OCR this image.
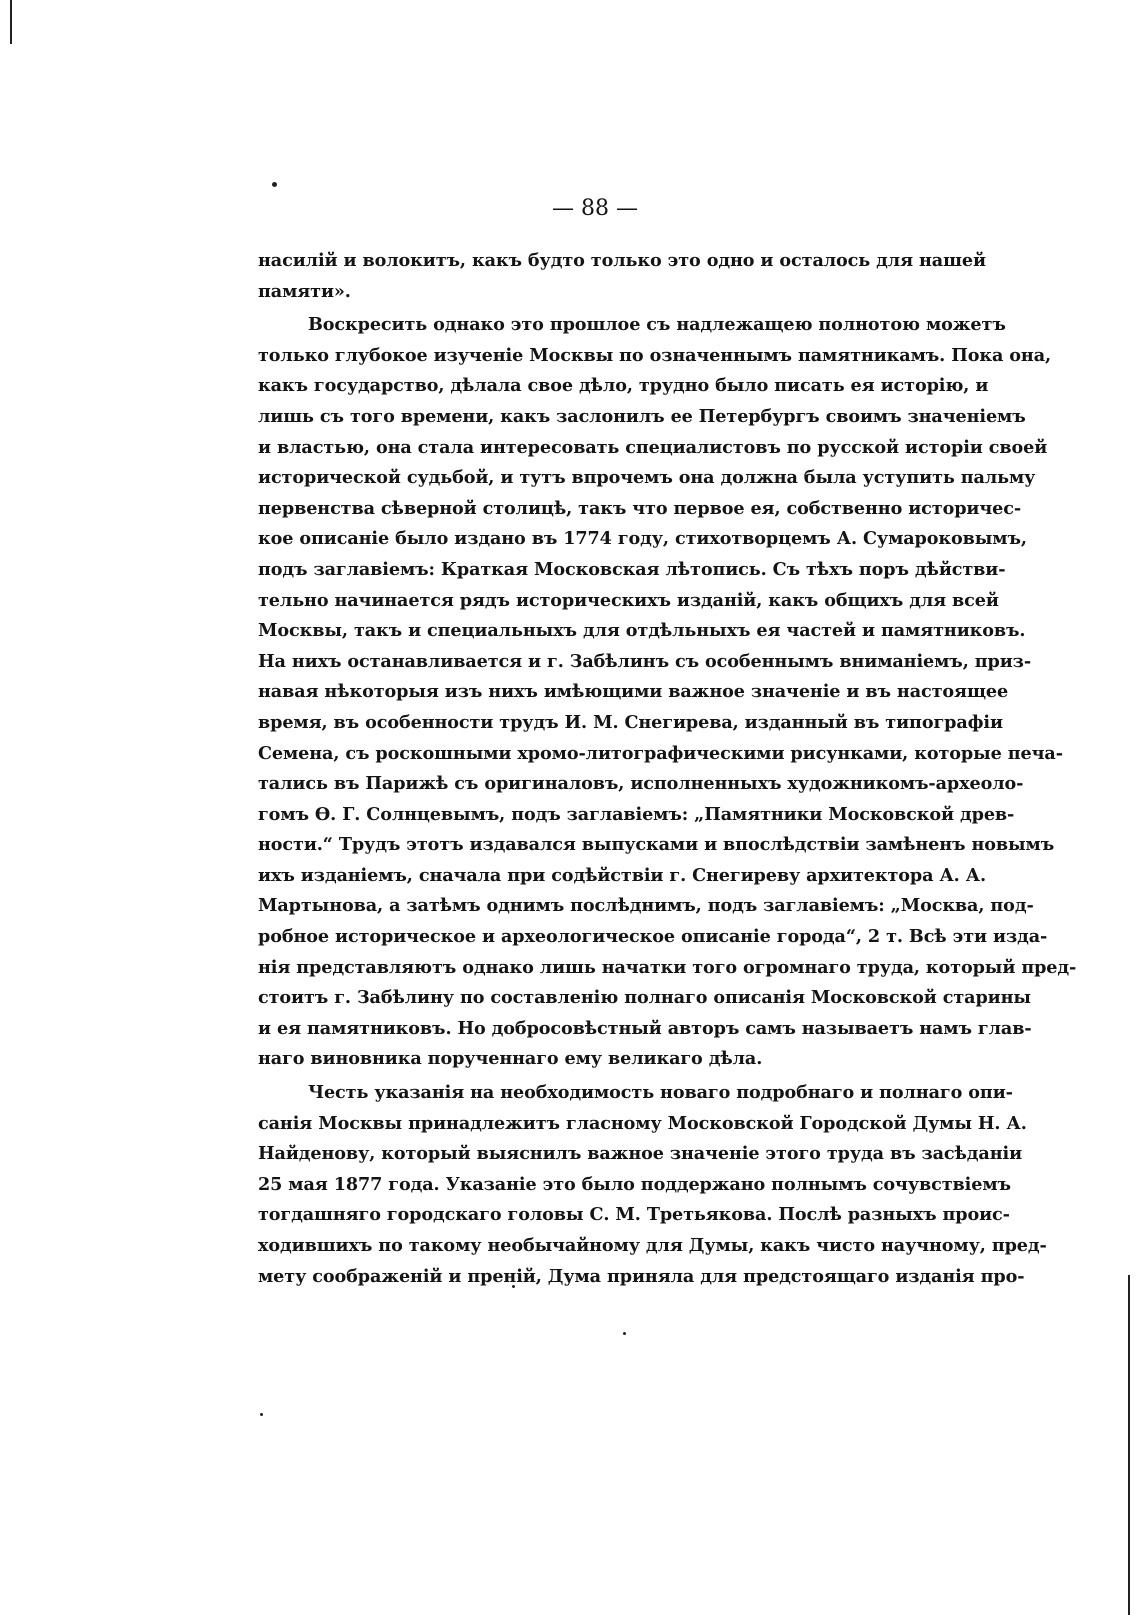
— 88 —
насилій и волокитъ, какъ будто только это одно и осталось для нашей
памяти».
Воскресить однако это прошлое съ надлежащею полнотою можетъ
только глубокое изученіе Москвы по означеннымъ памятникамъ. Пока она,
какъ государство, дѣлала свое дѣло, трудно было писать ея исторію, и
лишь съ того времени, какъ заслонилъ ее Петербургъ своимъ значеніемъ
и властью, она стала интересовать специалистовъ по русской исторіи своей
исторической судьбой, и тутъ впрочемъ она должна была уступить пальму
первенства сѣверной столицѣ, такъ что первое ея, собственно историчес-
кое описаніе было издано въ 1774 году, стихотворцемъ А. Сумароковымъ,
подъ заглавіемъ: Краткая Московская лѣтопись. Съ тѣхъ поръ дѣйстви-
тельно начинается рядъ историческихъ изданій, какъ общихъ для всей
Москвы, такъ и специальныхъ для отдѣльныхъ ея частей и памятниковъ.
На нихъ останавливается и г. Забѣлинъ съ особеннымъ вниманіемъ, приз-
навая нѣкоторыя изъ нихъ имѣющими важное значеніе и въ настоящее
время, въ особенности трудъ И. М. Снегирева, изданный въ типографіи
Семена, съ роскошными хромо-литографическими рисунками, которые печа-
тались въ Парижѣ съ оригиналовъ, исполненныхъ художникомъ-археоло-
гомъ Ѳ. Г. Солнцевымъ, подъ заглавіемъ: „Памятники Московской древ-
ности.“ Трудъ этотъ издавался выпусками и впослѣдствіи замѣненъ новымъ
ихъ изданіемъ, сначала при содѣйствіи г. Снегиреву архитектора А. А.
Мартынова, а затѣмъ однимъ послѣднимъ, подъ заглавіемъ: „Москва, под-
робное историческое и археологическое описаніе города“, 2 т. Всѣ эти изда-
нія представляютъ однако лишь начатки того огромнаго труда, который пред-
стоитъ г. Забѣлину по составленію полнаго описанія Московской старины
и ея памятниковъ. Но добросовѣстный авторъ самъ называетъ намъ глав-
наго виновника порученнаго ему великаго дѣла.
Честь указанія на необходимость новаго подробнаго и полнаго опи-
санія Москвы принадлежитъ гласному Московской Городской Думы Н. А.
Найденову, который выяснилъ важное значеніе этого труда въ засѣданіи
25 мая 1877 года. Указаніе это было поддержано полнымъ сочувствіемъ
тогдашняго городскаго головы С. М. Третьякова. Послѣ разныхъ проис-
ходившихъ по такому необычайному для Думы, какъ чисто научному, пред-
мету соображеній и преній, Дума приняла для предстоящаго изданія про-
